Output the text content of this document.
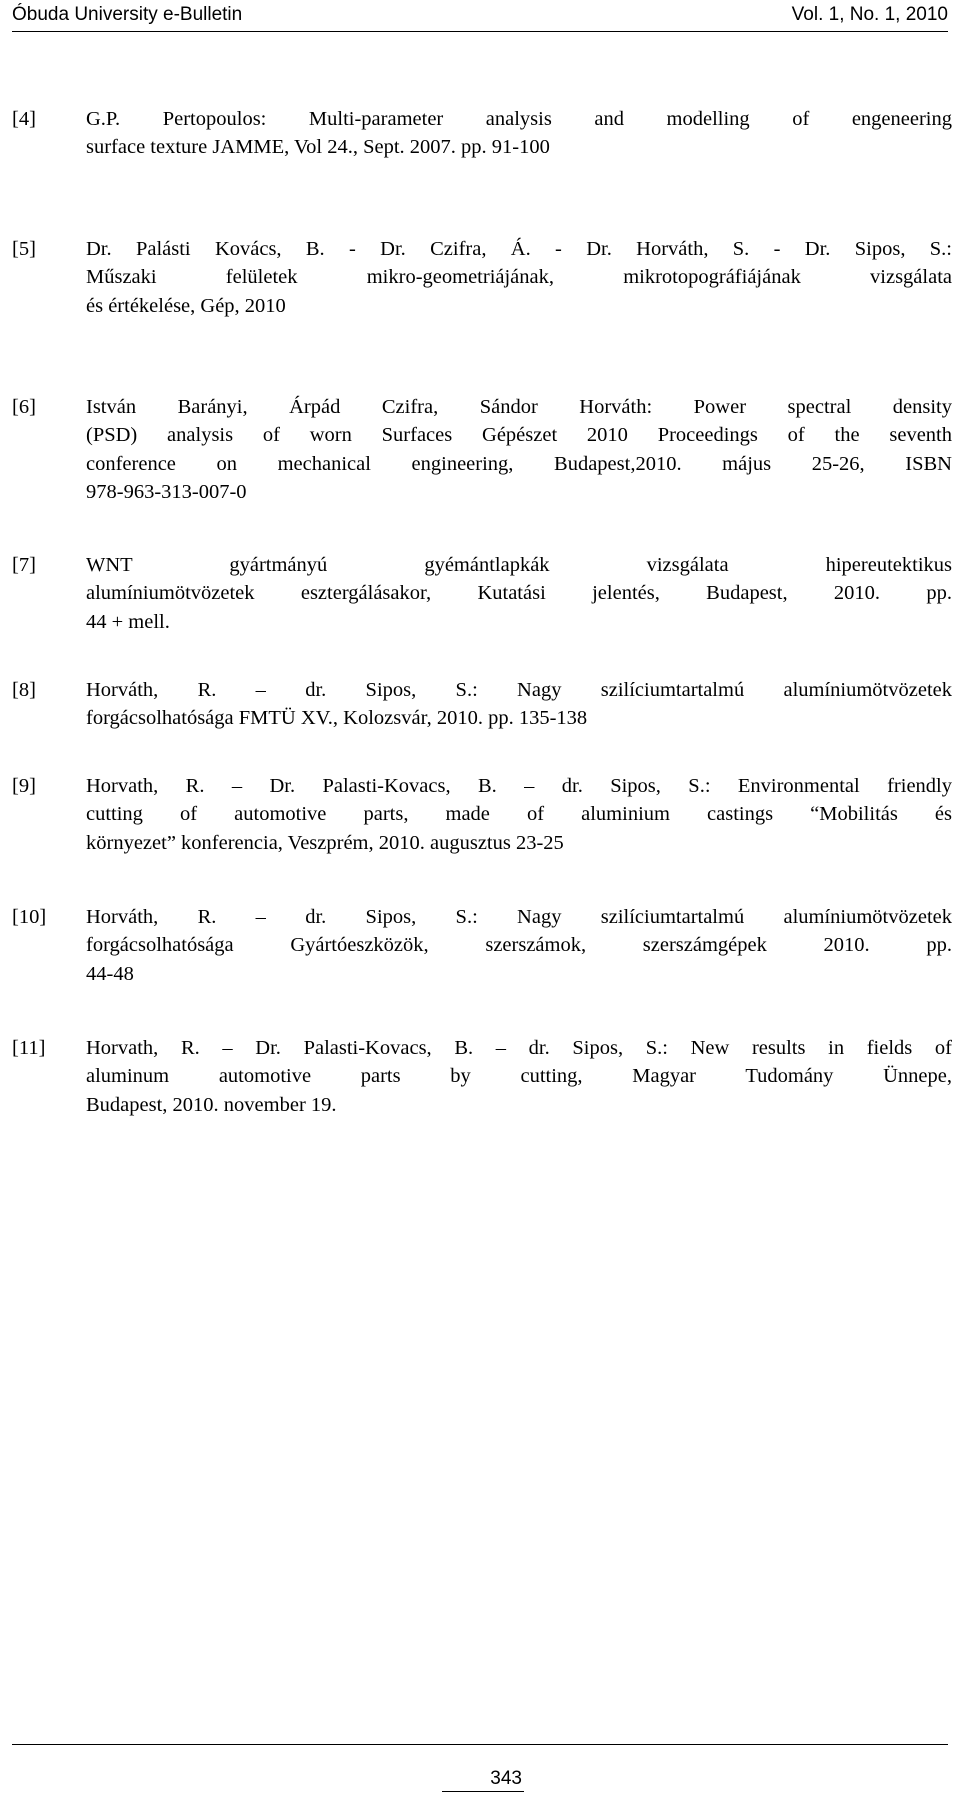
Óbuda University e-Bulletin	Vol. 1, No. 1, 2010
[4] G.P. Pertopoulos: Multi-parameter analysis and modelling of engeneering
surface texture JAMME, Vol 24., Sept. 2007. pp. 91-100
[5] Dr. Palásti Kovács, B. - Dr. Czifra, Á. - Dr. Horváth, S. - Dr. Sipos, S.:
Műszaki felületek mikro-geometriájának, mikrotopográfiájának vizsgálata
és értékelése, Gép, 2010
[6] István Barányi, Árpád Czifra, Sándor Horváth: Power spectral density
(PSD) analysis of worn Surfaces Gépészet 2010 Proceedings of the seventh
conference on mechanical engineering, Budapest,2010. május 25-26, ISBN
978-963-313-007-0
[7] WNT gyártmányú gyémántlapkák vizsgálata hipereutektikus
alumíniumötvözetek esztergálásakor, Kutatási jelentés, Budapest, 2010. pp.
44 + mell.
[8] Horváth, R. – dr. Sipos, S.: Nagy szilíciumtartalmú alumíniumötvözetek
forgácsolhatósága FMTÜ XV., Kolozsvár, 2010. pp. 135-138
[9] Horvath, R. – Dr. Palasti-Kovacs, B. – dr. Sipos, S.: Environmental friendly
cutting of automotive parts, made of aluminium castings “Mobilitás és
környezet” konferencia, Veszprém, 2010. augusztus 23-25
[10] Horváth, R. – dr. Sipos, S.: Nagy szilíciumtartalmú alumíniumötvözetek
forgácsolhatósága Gyártóeszközök, szerszámok, szerszámgépek 2010. pp.
44-48
[11] Horvath, R. – Dr. Palasti-Kovacs, B. – dr. Sipos, S.: New results in fields of
aluminum automotive parts by cutting, Magyar Tudomány Ünnepe,
Budapest, 2010. november 19.
343
